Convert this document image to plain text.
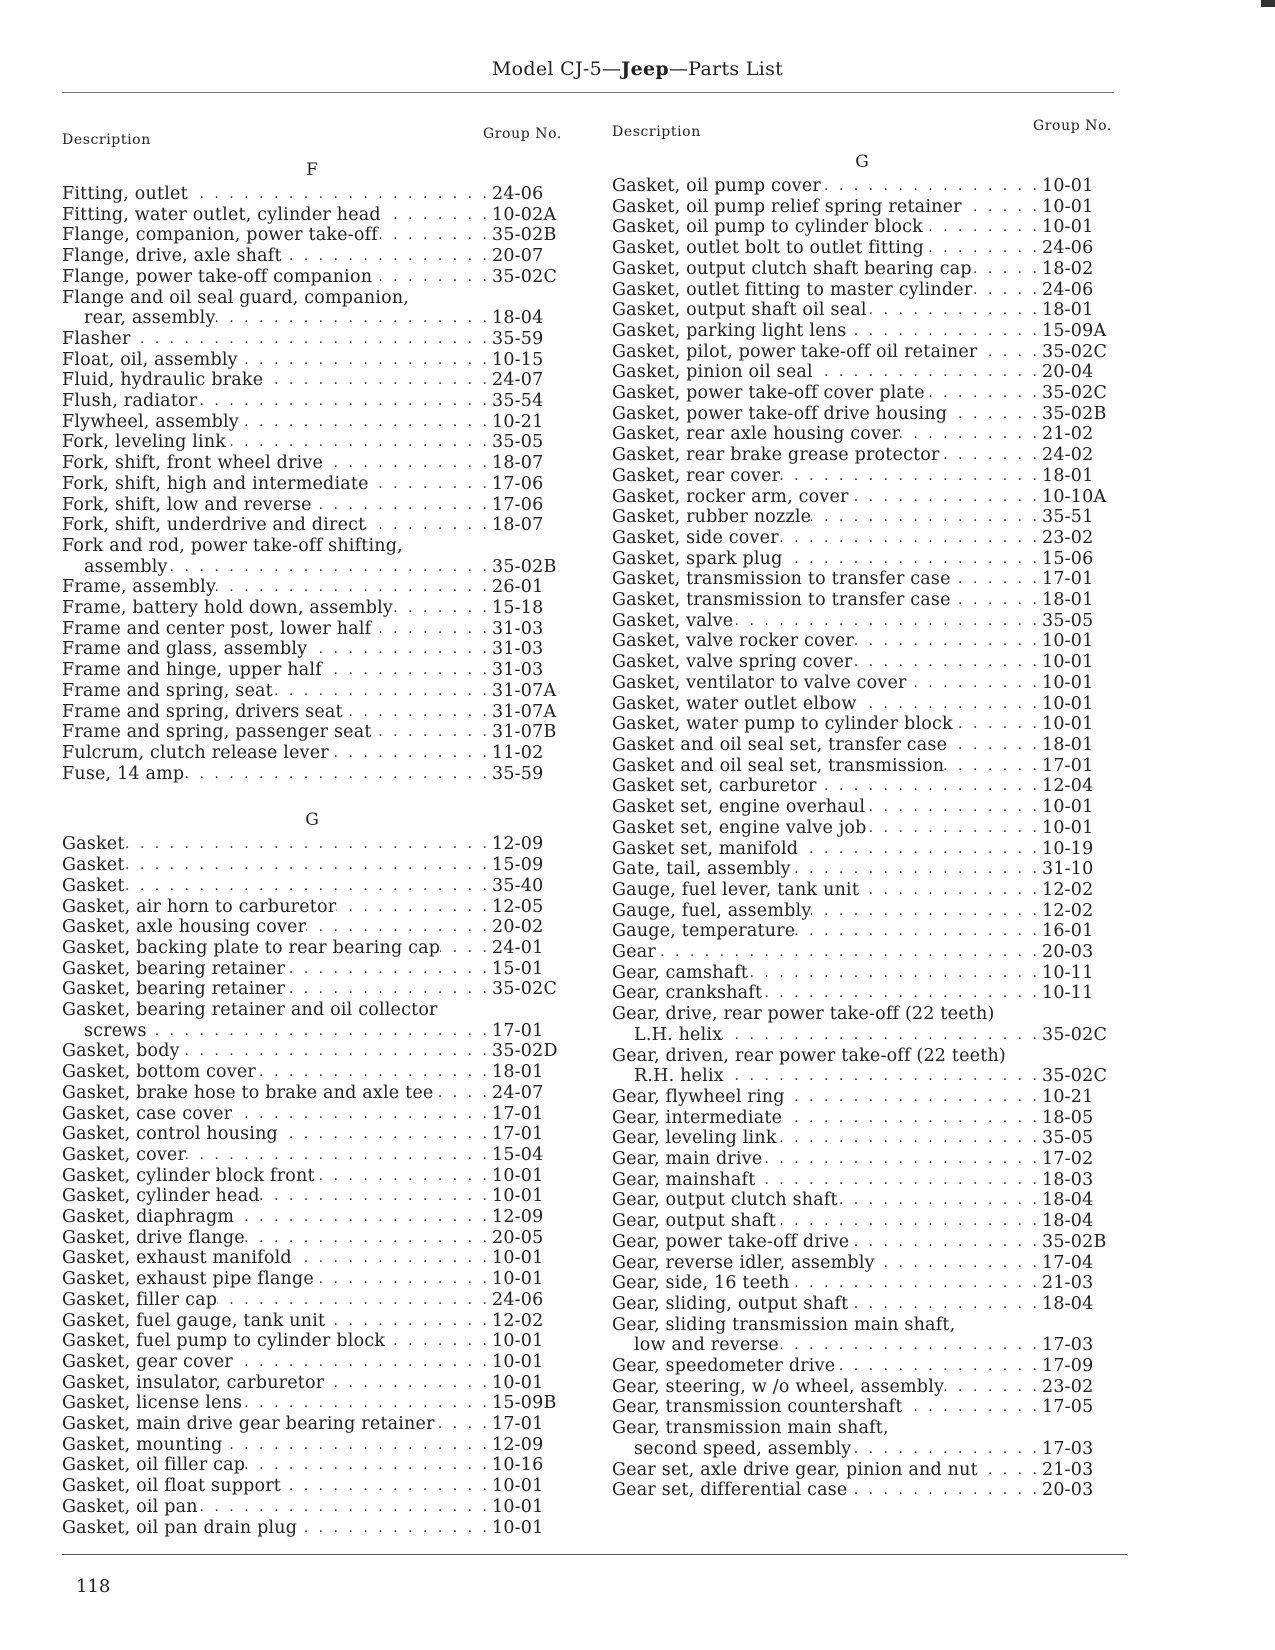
Model CJ-5—Jeep—Parts List
Description	Group No.
F
Fitting, outlet . . .	24-06
Fitting, water outlet, cylinder head . . .	10-02A
Flange, companion, power take-off . . .	35-02B
Flange, drive, axle shaft . . .	20-07
Flange, power take-off companion . . .	35-02C
Flange and oil seal guard, companion,
rear, assembly . . .	18-04
Flasher . . .	35-59
Float, oil, assembly . . .	10-15
Fluid, hydraulic brake . . .	24-07
Flush, radiator . . .	35-54
Flywheel, assembly . . .	10-21
Fork, leveling link . . .	35-05
Fork, shift, front wheel drive . . .	18-07
Fork, shift, high and intermediate . . .	17-06
Fork, shift, low and reverse . . .	17-06
Fork, shift, underdrive and direct . . .	18-07
Fork and rod, power take-off shifting,
assembly . . .	35-02B
Frame, assembly . . .	26-01
Frame, battery hold down, assembly . . .	15-18
Frame and center post, lower half . . .	31-03
Frame and glass, assembly . . .	31-03
Frame and hinge, upper half . . .	31-03
Frame and spring, seat . . .	31-07A
Frame and spring, drivers seat . . .	31-07A
Frame and spring, passenger seat . . .	31-07B
Fulcrum, clutch release lever . . .	11-02
Fuse, 14 amp . . .	35-59
G
Gasket . . .	12-09
Gasket . . .	15-09
Gasket . . .	35-40
Gasket, air horn to carburetor . . .	12-05
Gasket, axle housing cover . . .	20-02
Gasket, backing plate to rear bearing cap . . .	24-01
Gasket, bearing retainer . . .	15-01
Gasket, bearing retainer . . .	35-02C
Gasket, bearing retainer and oil collector
screws . . .	17-01
Gasket, body . . .	35-02D
Gasket, bottom cover . . .	18-01
Gasket, brake hose to brake and axle tee . . .	24-07
Gasket, case cover . . .	17-01
Gasket, control housing . . .	17-01
Gasket, cover . . .	15-04
Gasket, cylinder block front . . .	10-01
Gasket, cylinder head . . .	10-01
Gasket, diaphragm . . .	12-09
Gasket, drive flange . . .	20-05
Gasket, exhaust manifold . . .	10-01
Gasket, exhaust pipe flange . . .	10-01
Gasket, filler cap . . .	24-06
Gasket, fuel gauge, tank unit . . .	12-02
Gasket, fuel pump to cylinder block . . .	10-01
Gasket, gear cover . . .	10-01
Gasket, insulator, carburetor . . .	10-01
Gasket, license lens . . .	15-09B
Gasket, main drive gear bearing retainer . . .	17-01
Gasket, mounting . . .	12-09
Gasket, oil filler cap . . .	10-16
Gasket, oil float support . . .	10-01
Gasket, oil pan . . .	10-01
Gasket, oil pan drain plug . . .	10-01
Description	Group No.
G
Gasket, oil pump cover . . .	10-01
Gasket, oil pump relief spring retainer . . .	10-01
Gasket, oil pump to cylinder block . . .	10-01
Gasket, outlet bolt to outlet fitting . . .	24-06
Gasket, output clutch shaft bearing cap . . .	18-02
Gasket, outlet fitting to master cylinder . . .	24-06
Gasket, output shaft oil seal . . .	18-01
Gasket, parking light lens . . .	15-09A
Gasket, pilot, power take-off oil retainer . . .	35-02C
Gasket, pinion oil seal . . .	20-04
Gasket, power take-off cover plate . . .	35-02C
Gasket, power take-off drive housing . . .	35-02B
Gasket, rear axle housing cover . . .	21-02
Gasket, rear brake grease protector . . .	24-02
Gasket, rear cover . . .	18-01
Gasket, rocker arm, cover . . .	10-10A
Gasket, rubber nozzle . . .	35-51
Gasket, side cover . . .	23-02
Gasket, spark plug . . .	15-06
Gasket, transmission to transfer case . . .	17-01
Gasket, transmission to transfer case . . .	18-01
Gasket, valve . . .	35-05
Gasket, valve rocker cover . . .	10-01
Gasket, valve spring cover . . .	10-01
Gasket, ventilator to valve cover . . .	10-01
Gasket, water outlet elbow . . .	10-01
Gasket, water pump to cylinder block . . .	10-01
Gasket and oil seal set, transfer case . . .	18-01
Gasket and oil seal set, transmission . . .	17-01
Gasket set, carburetor . . .	12-04
Gasket set, engine overhaul . . .	10-01
Gasket set, engine valve job . . .	10-01
Gasket set, manifold . . .	10-19
Gate, tail, assembly . . .	31-10
Gauge, fuel lever, tank unit . . .	12-02
Gauge, fuel, assembly . . .	12-02
Gauge, temperature . . .	16-01
Gear . . .	20-03
Gear, camshaft . . .	10-11
Gear, crankshaft . . .	10-11
Gear, drive, rear power take-off (22 teeth)
L.H. helix . . .	35-02C
Gear, driven, rear power take-off (22 teeth)
R.H. helix . . .	35-02C
Gear, flywheel ring . . .	10-21
Gear, intermediate . . .	18-05
Gear, leveling link . . .	35-05
Gear, main drive . . .	17-02
Gear, mainshaft . . .	18-03
Gear, output clutch shaft . . .	18-04
Gear, output shaft . . .	18-04
Gear, power take-off drive . . .	35-02B
Gear, reverse idler, assembly . . .	17-04
Gear, side, 16 teeth . . .	21-03
Gear, sliding, output shaft . . .	18-04
Gear, sliding transmission main shaft,
low and reverse . . .	17-03
Gear, speedometer drive . . .	17-09
Gear, steering, w /o wheel, assembly . . .	23-02
Gear, transmission countershaft . . .	17-05
Gear, transmission main shaft,
second speed, assembly . . .	17-03
Gear set, axle drive gear, pinion and nut . . .	21-03
Gear set, differential case . . .	20-03
118
